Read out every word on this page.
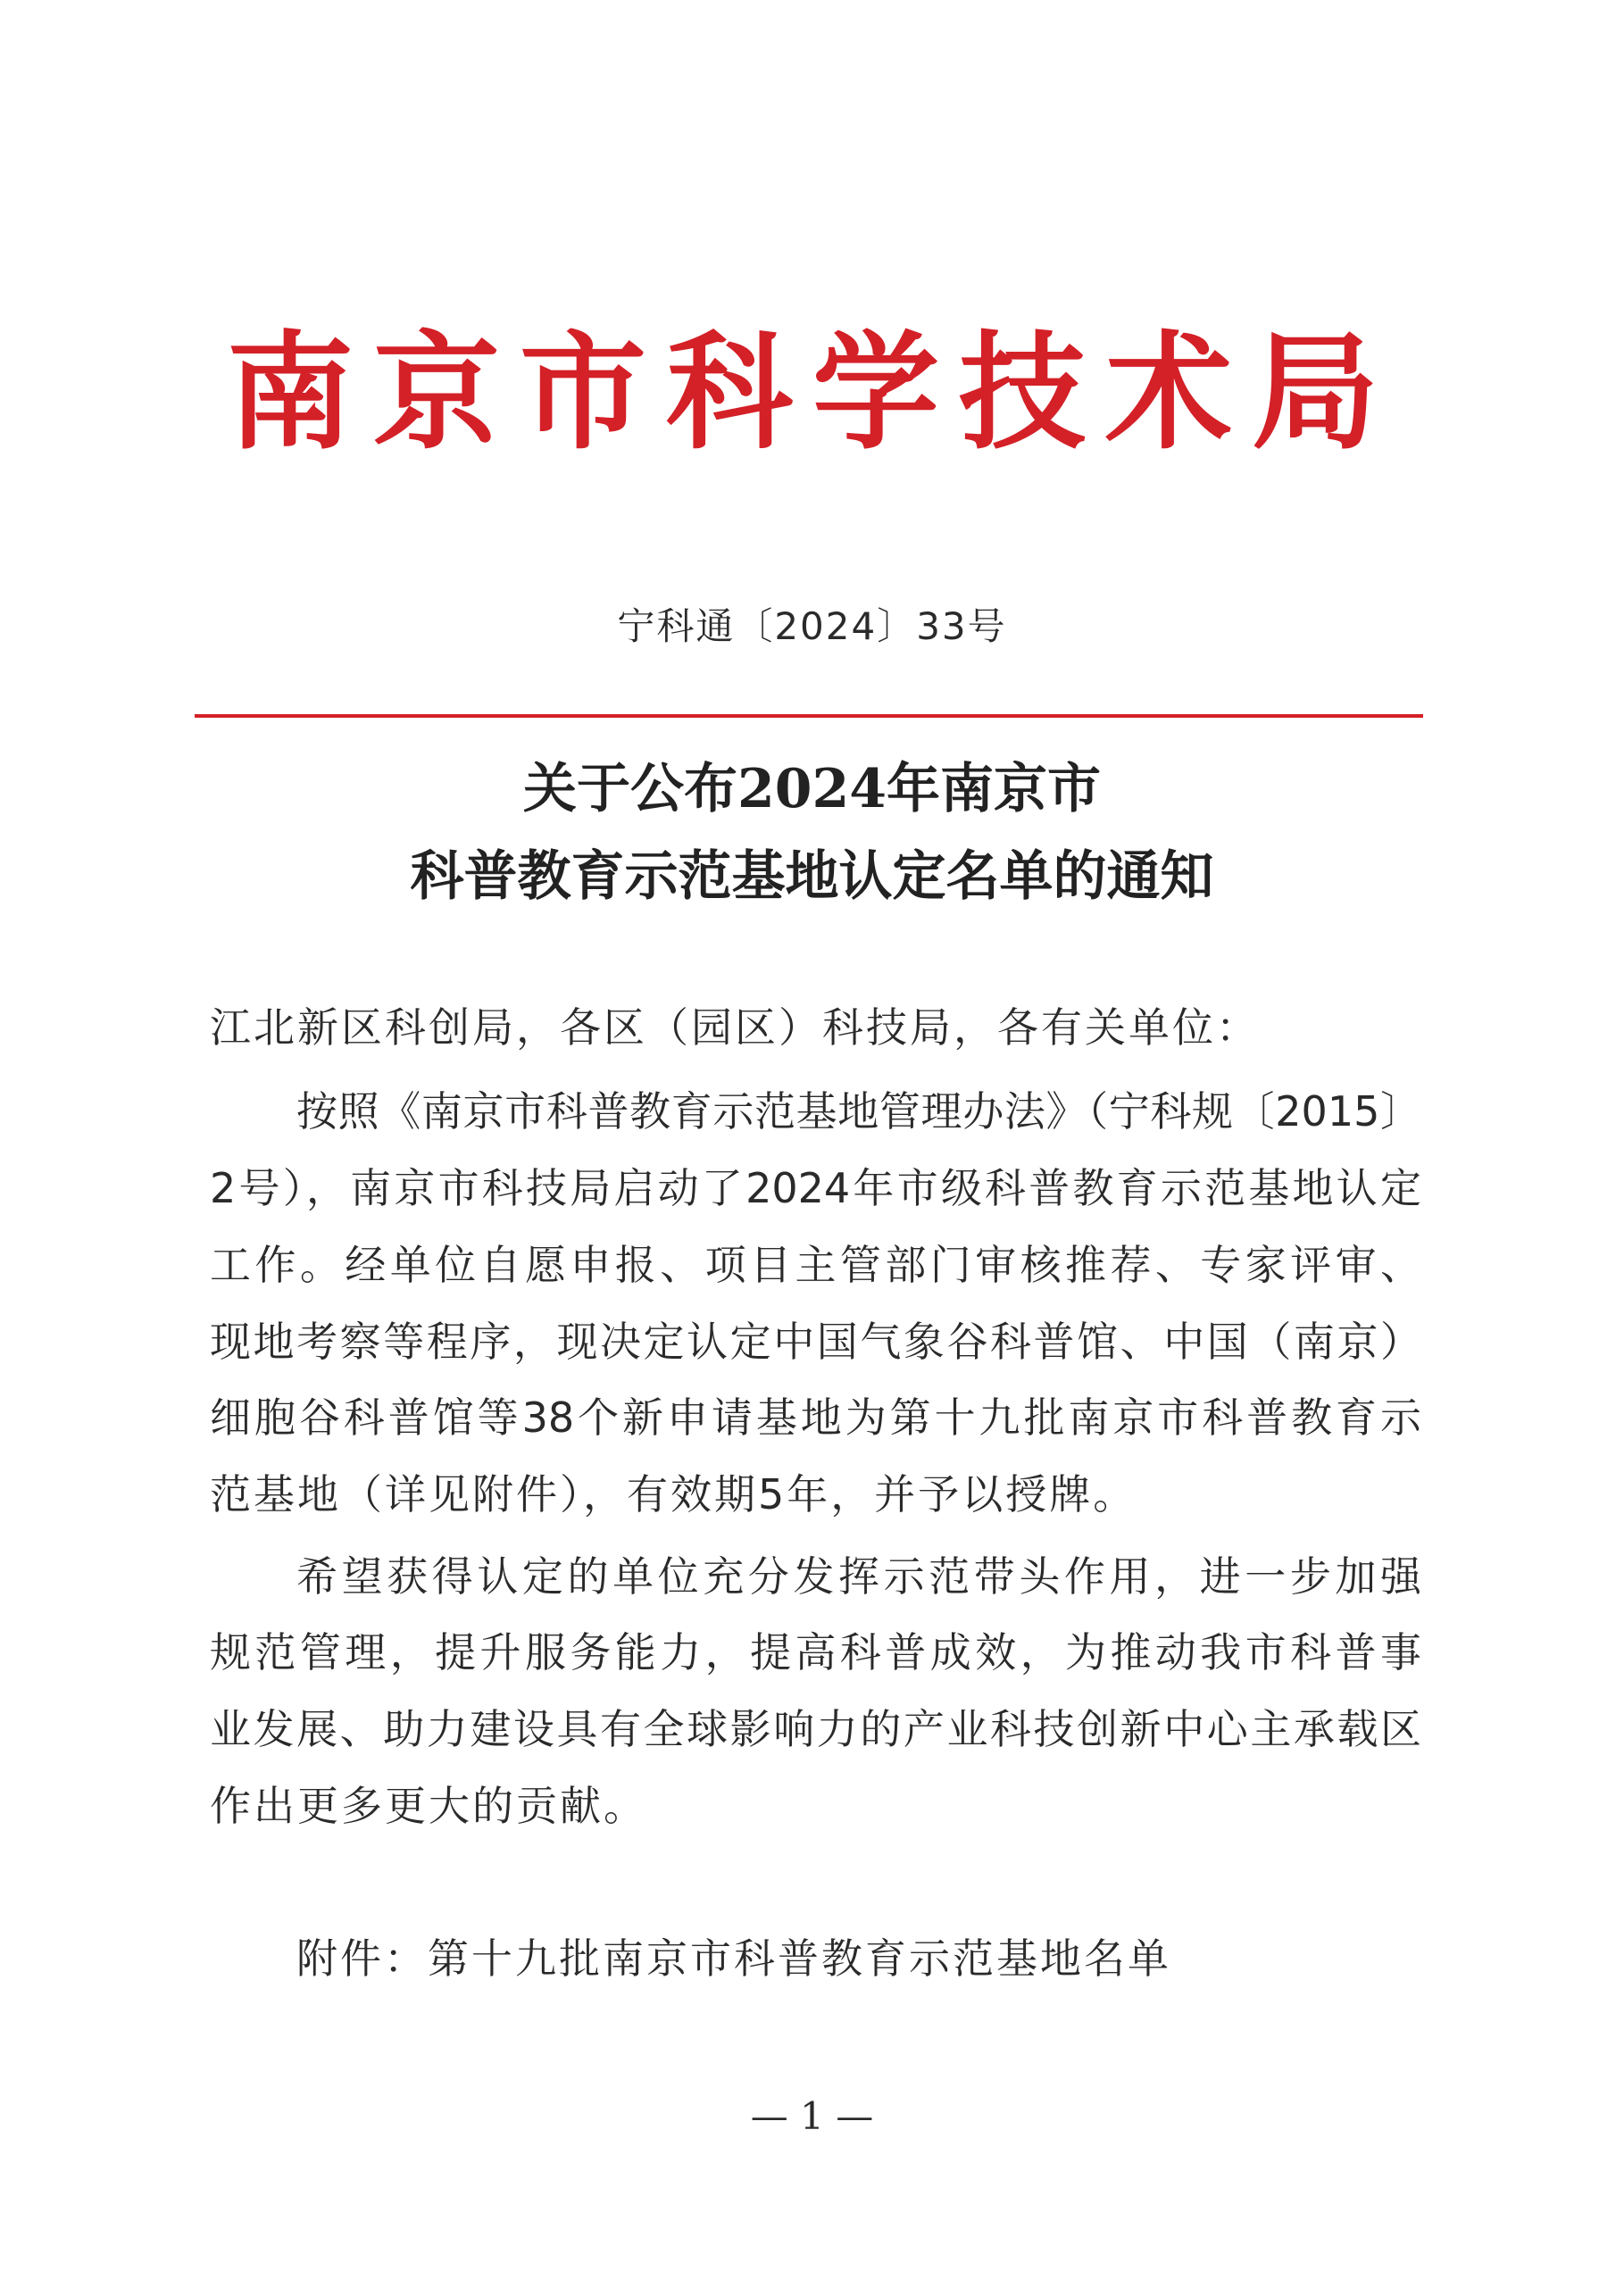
南京市科学技术局
宁科通〔2024〕33号
关于公布2024年南京市
科普教育示范基地认定名单的通知
江北新区科创局，各区（园区）科技局，各有关单位：
按照《南京市科普教育示范基地管理办法》（宁科规〔2015〕
2号），南京市科技局启动了2024年市级科普教育示范基地认定
工作。经单位自愿申报、项目主管部门审核推荐、专家评审、
现地考察等程序，现决定认定中国气象谷科普馆、中国（南京）
细胞谷科普馆等38个新申请基地为第十九批南京市科普教育示
范基地（详见附件），有效期5年，并予以授牌。
希望获得认定的单位充分发挥示范带头作用，进一步加强
规范管理，提升服务能力，提高科普成效，为推动我市科普事
业发展、助力建设具有全球影响力的产业科技创新中心主承载区
作出更多更大的贡献。
附件：第十九批南京市科普教育示范基地名单
— 1 —
